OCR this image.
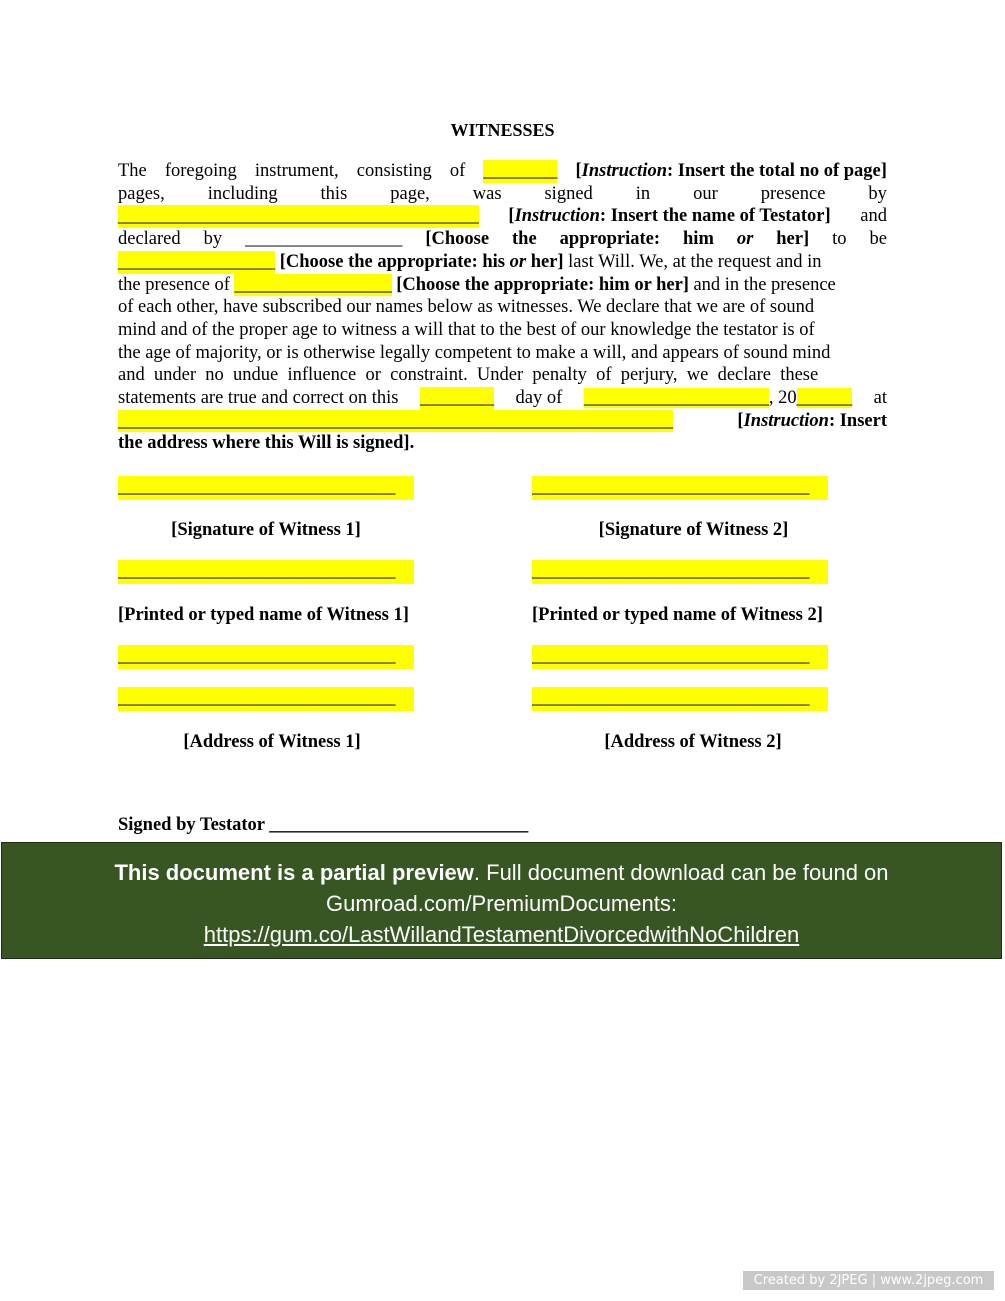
WITNESSES
The foregoing instrument, consisting of ________ [Instruction: Insert the total no of page]
pages, including this page, was signed in our presence by
_______________________________________ [Instruction: Insert the name of Testator] and
declared by _________________ [Choose the appropriate: him or her] to be
_________________ [Choose the appropriate: his or her] last Will. We, at the request and in
the presence of _________________ [Choose the appropriate: him or her] and in the presence
of each other, have subscribed our names below as witnesses. We declare that we are of sound
mind and of the proper age to witness a will that to the best of our knowledge the testator is of
the age of majority, or is otherwise legally competent to make a will, and appears of sound mind
and under no undue influence or constraint. Under penalty of perjury, we declare these
statements are true and correct on this ________ day of ____________________, 20______ at
____________________________________________________________	[Instruction: Insert
the address where this Will is signed].
______________________________
[Signature of Witness 1]
______________________________
[Printed or typed name of Witness 1]
______________________________
______________________________
[Address of Witness 1]
______________________________
[Signature of Witness 2]
______________________________
[Printed or typed name of Witness 2]
______________________________
______________________________
[Address of Witness 2]
Signed by Testator ____________________________
This document is a partial preview. Full document download can be found on
Gumroad.com/PremiumDocuments:
https://gum.co/LastWillandTestamentDivorcedwithNoChildren
Created by 2JPEG | www.2jpeg.com
